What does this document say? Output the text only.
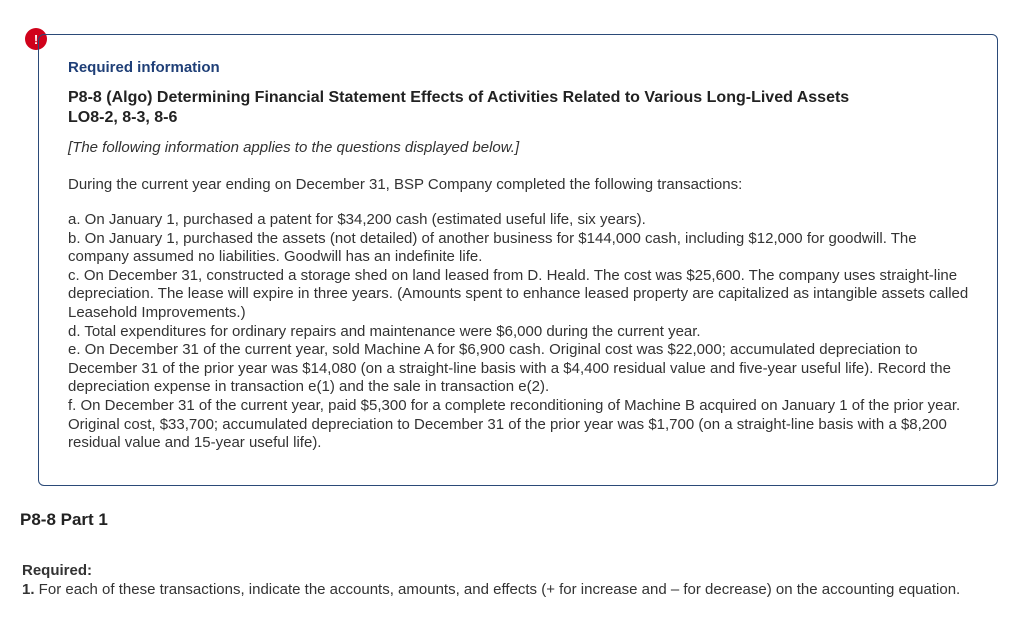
!

Required information

P8-8 (Algo) Determining Financial Statement Effects of Activities Related to Various Long-Lived Assets
LO8-2, 8-3, 8-6

[The following information applies to the questions displayed below.]

During the current year ending on December 31, BSP Company completed the following transactions:

a. On January 1, purchased a patent for $34,200 cash (estimated useful life, six years).
b. On January 1, purchased the assets (not detailed) of another business for $144,000 cash, including $12,000 for goodwill. The company assumed no liabilities. Goodwill has an indefinite life.
c. On December 31, constructed a storage shed on land leased from D. Heald. The cost was $25,600. The company uses straight-line depreciation. The lease will expire in three years. (Amounts spent to enhance leased property are capitalized as intangible assets called Leasehold Improvements.)
d. Total expenditures for ordinary repairs and maintenance were $6,000 during the current year.
e. On December 31 of the current year, sold Machine A for $6,900 cash. Original cost was $22,000; accumulated depreciation to December 31 of the prior year was $14,080 (on a straight-line basis with a $4,400 residual value and five-year useful life). Record the depreciation expense in transaction e(1) and the sale in transaction e(2).
f. On December 31 of the current year, paid $5,300 for a complete reconditioning of Machine B acquired on January 1 of the prior year. Original cost, $33,700; accumulated depreciation to December 31 of the prior year was $1,700 (on a straight-line basis with a $8,200 residual value and 15-year useful life).
P8-8 Part 1

Required:

1. For each of these transactions, indicate the accounts, amounts, and effects (+ for increase and – for decrease) on the accounting equation.
